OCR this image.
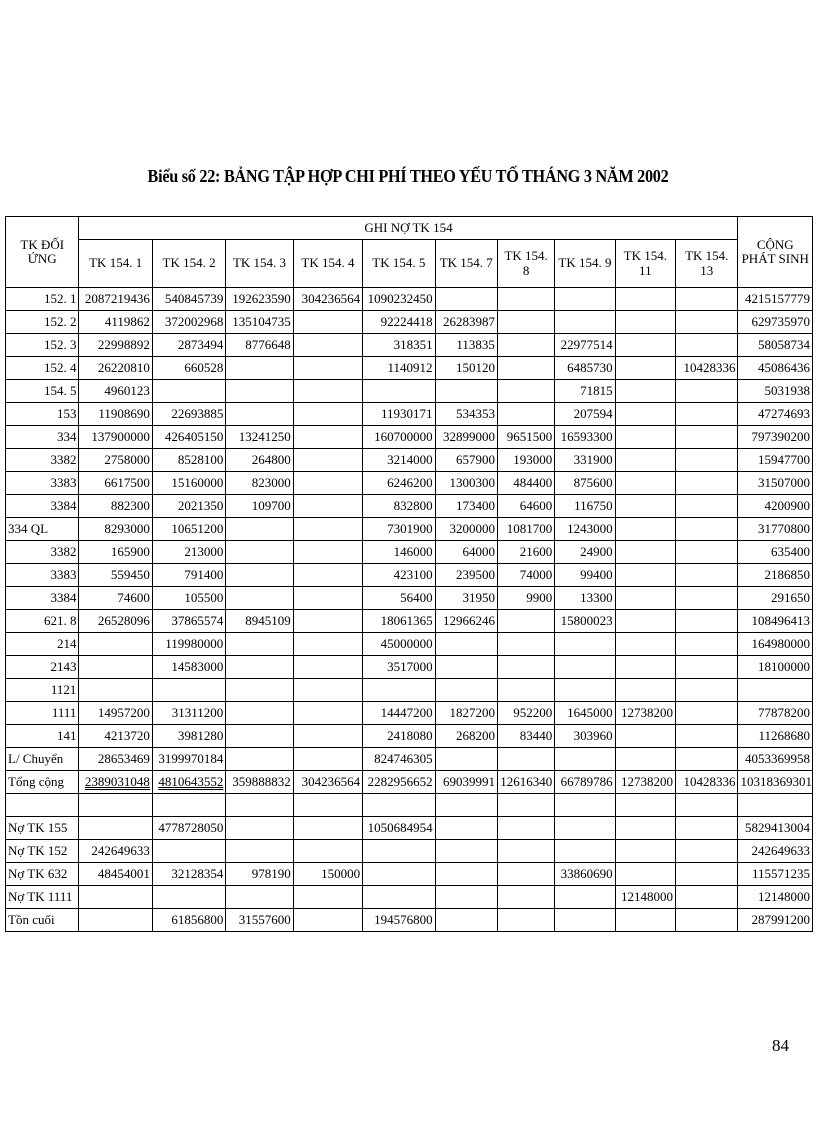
Biểu số 22: BẢNG TẬP HỢP CHI PHÍ THEO YẾU TỐ THÁNG 3 NĂM 2002
TK ĐỐI ỨNG	GHI NỢ TK 154										CỘNG PHÁT SINH
	TK 154. 1	TK 154. 2	TK 154. 3	TK 154. 4	TK 154. 5	TK 154. 7	TK 154. 8	TK 154. 9	TK 154. 11	TK 154. 13	
152. 1	2087219436	540845739	192623590	304236564	1090232450						4215157779
152. 2	4119862	372002968	135104735		92224418	26283987					629735970
152. 3	22998892	2873494	8776648		318351	113835		22977514			58058734
152. 4	26220810	660528			1140912	150120		6485730		10428336	45086436
154. 5	4960123							71815			5031938
153	11908690	22693885			11930171	534353		207594			47274693
334	137900000	426405150	13241250		160700000	32899000	9651500	16593300			797390200
3382	2758000	8528100	264800		3214000	657900	193000	331900			15947700
3383	6617500	15160000	823000		6246200	1300300	484400	875600			31507000
3384	882300	2021350	109700		832800	173400	64600	116750			4200900
334 QL	8293000	10651200			7301900	3200000	1081700	1243000			31770800
3382	165900	213000			146000	64000	21600	24900			635400
3383	559450	791400			423100	239500	74000	99400			2186850
3384	74600	105500			56400	31950	9900	13300			291650
621. 8	26528096	37865574	8945109		18061365	12966246		15800023			108496413
214		119980000			45000000						164980000
2143		14583000			3517000						18100000
1121											
1111	14957200	31311200			14447200	1827200	952200	1645000	12738200		77878200
141	4213720	3981280			2418080	268200	83440	303960			11268680
L/ Chuyển	28653469	3199970184			824746305						4053369958
Tổng cộng	2389031048	4810643552	359888832	304236564	2282956652	69039991	12616340	66789786	12738200	10428336	10318369301

Nợ TK 155		4778728050			1050684954						5829413004
Nợ TK 152	242649633										242649633
Nợ TK 632	48454001	32128354	978190	150000				33860690			115571235
Nợ TK 1111									12148000		12148000
Tồn cuối		61856800	31557600		194576800						287991200
84
